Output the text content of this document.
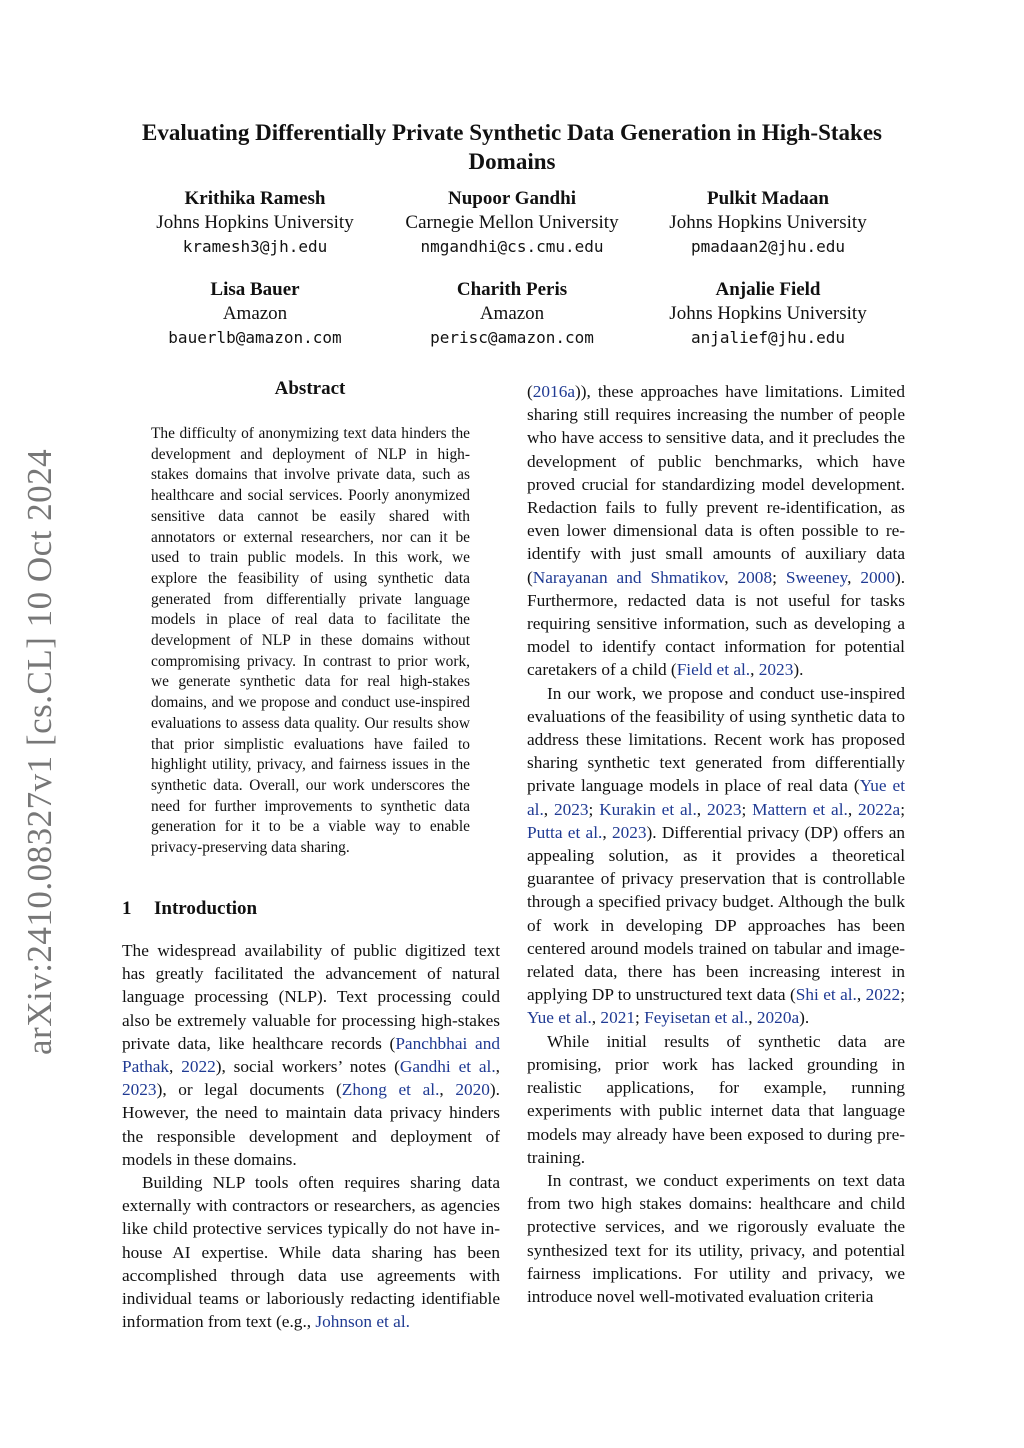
arXiv:2410.08327v1 [cs.CL] 10 Oct 2024
Evaluating Differentially Private Synthetic Data Generation in High-Stakes Domains
Krithika Ramesh
Johns Hopkins University
kramesh3@jh.edu
Nupoor Gandhi
Carnegie Mellon University
nmgandhi@cs.cmu.edu
Pulkit Madaan
Johns Hopkins University
pmadaan2@jhu.edu
Lisa Bauer
Amazon
bauerlb@amazon.com
Charith Peris
Amazon
perisc@amazon.com
Anjalie Field
Johns Hopkins University
anjalief@jhu.edu
Abstract
The difficulty of anonymizing text data hinders the development and deployment of NLP in high-stakes domains that involve private data, such as healthcare and social services. Poorly anonymized sensitive data cannot be easily shared with annotators or external researchers, nor can it be used to train public models. In this work, we explore the feasibility of using synthetic data generated from differentially private language models in place of real data to facilitate the development of NLP in these domains without compromising privacy. In contrast to prior work, we generate synthetic data for real high-stakes domains, and we propose and conduct use-inspired evaluations to assess data quality. Our results show that prior simplistic evaluations have failed to highlight utility, privacy, and fairness issues in the synthetic data. Overall, our work underscores the need for further improvements to synthetic data generation for it to be a viable way to enable privacy-preserving data sharing.
1 Introduction

The widespread availability of public digitized text has greatly facilitated the advancement of natural language processing (NLP). Text processing could also be extremely valuable for processing high-stakes private data, like healthcare records (Panchbhai and Pathak, 2022), social workers’ notes (Gandhi et al., 2023), or legal documents (Zhong et al., 2020). However, the need to maintain data privacy hinders the responsible development and deployment of models in these domains.

Building NLP tools often requires sharing data externally with contractors or researchers, as agencies like child protective services typically do not have in-house AI expertise. While data sharing has been accomplished through data use agreements with individual teams or laboriously redacting identifiable information from text (e.g., Johnson et al.

(2016a)), these approaches have limitations. Limited sharing still requires increasing the number of people who have access to sensitive data, and it precludes the development of public benchmarks, which have proved crucial for standardizing model development. Redaction fails to fully prevent re-identification, as even lower dimensional data is often possible to re-identify with just small amounts of auxiliary data (Narayanan and Shmatikov, 2008; Sweeney, 2000). Furthermore, redacted data is not useful for tasks requiring sensitive information, such as developing a model to identify contact information for potential caretakers of a child (Field et al., 2023).

In our work, we propose and conduct use-inspired evaluations of the feasibility of using synthetic data to address these limitations. Recent work has proposed sharing synthetic text generated from differentially private language models in place of real data (Yue et al., 2023; Kurakin et al., 2023; Mattern et al., 2022a; Putta et al., 2023). Differential privacy (DP) offers an appealing solution, as it provides a theoretical guarantee of privacy preservation that is controllable through a specified privacy budget. Although the bulk of work in developing DP approaches has been centered around models trained on tabular and image-related data, there has been increasing interest in applying DP to unstructured text data (Shi et al., 2022; Yue et al., 2021; Feyisetan et al., 2020a).

While initial results of synthetic data are promising, prior work has lacked grounding in realistic applications, for example, running experiments with public internet data that language models may already have been exposed to during pre-training.

In contrast, we conduct experiments on text data from two high stakes domains: healthcare and child protective services, and we rigorously evaluate the synthesized text for its utility, privacy, and potential fairness implications. For utility and privacy, we introduce novel well-motivated evaluation criteria
